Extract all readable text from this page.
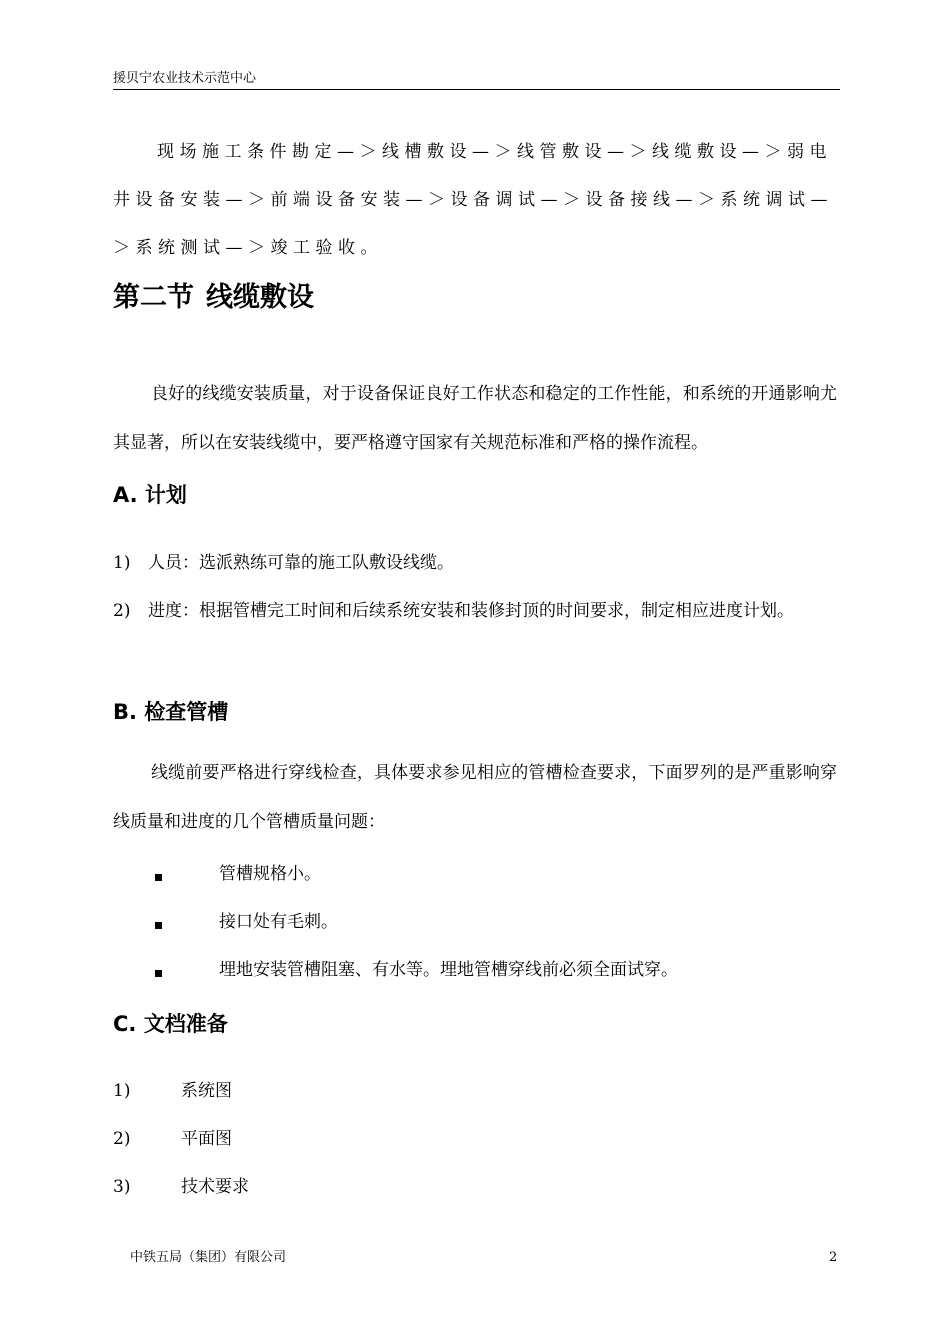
援贝宁农业技术示范中心
现场施工条件勘定—＞线槽敷设—＞线管敷设—＞线缆敷设—＞弱电井设备安装—＞前端设备安装—＞设备调试—＞设备接线—＞系统调试—＞系统测试—＞竣工验收。
第二节 线缆敷设
良好的线缆安装质量，对于设备保证良好工作状态和稳定的工作性能，和系统的开通影响尤其显著，所以在安装线缆中，要严格遵守国家有关规范标准和严格的操作流程。
A. 计划
1)	人员：选派熟练可靠的施工队敷设线缆。
2)	进度：根据管槽完工时间和后续系统安装和装修封顶的时间要求，制定相应进度计划。
B. 检查管槽
线缆前要严格进行穿线检查，具体要求参见相应的管槽检查要求，下面罗列的是严重影响穿线质量和进度的几个管槽质量问题：
管槽规格小。
接口处有毛刺。
埋地安装管槽阻塞、有水等。埋地管槽穿线前必须全面试穿。
C. 文档准备
1)	系统图
2)	平面图
3)	技术要求
中铁五局（集团）有限公司	2
